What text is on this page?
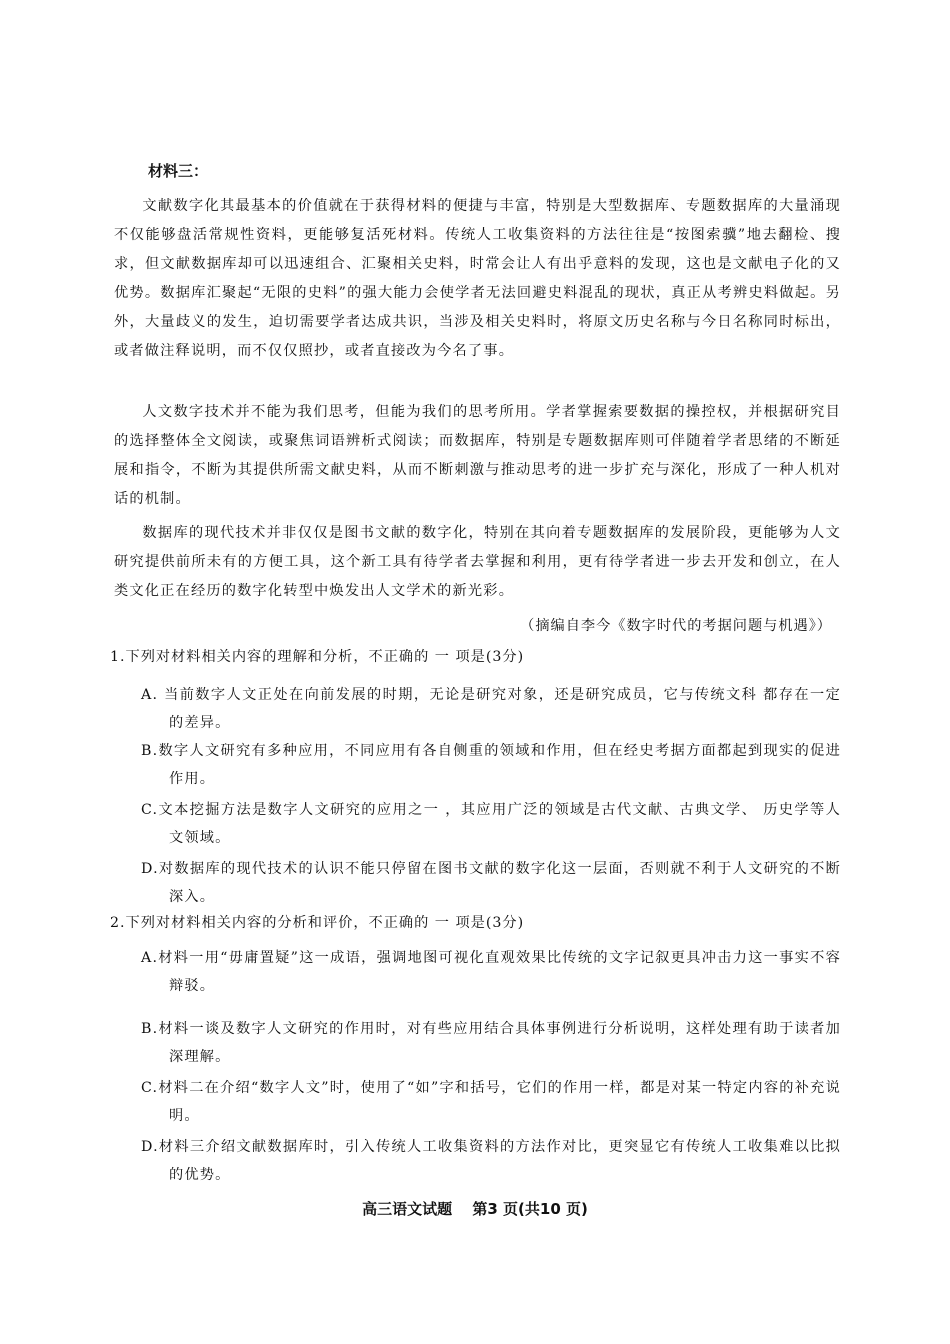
材料三：

文献数字化其最基本的价值就在于获得材料的便捷与丰富，特别是大型数据库、专题数据库的大量涌现不仅能够盘活常规性资料，更能够复活死材料。传统人工收集资料的方法往往是“按图索骥”地去翻检、搜求，但文献数据库却可以迅速组合、汇聚相关史料，时常会让人有出乎意料的发现，这也是文献电子化的又　优势。数据库汇聚起“无限的史料”的强大能力会使学者无法回避史料混乱的现状，真正从考辨史料做起。另外，大量歧义的发生，迫切需要学者达成共识，当涉及相关史料时，将原文历史名称与今日名称同时标出，或者做注释说明，而不仅仅照抄，或者直接改为今名了事。

人文数字技术并不能为我们思考，但能为我们的思考所用。学者掌握索要数据的操控权，并根据研究目的选择整体全文阅读，或聚焦词语辨析式阅读；而数据库，特别是专题数据库则可伴随着学者思绪的不断延展和指令，不断为其提供所需文献史料，从而不断刺激与推动思考的进一步扩充与深化，形成了一种人机对话的机制。

数据库的现代技术并非仅仅是图书文献的数字化，特别在其向着专题数据库的发展阶段，更能够为人文研究提供前所未有的方便工具，这个新工具有待学者去掌握和利用，更有待学者进一步去开发和创立，在人类文化正在经历的数字化转型中焕发出人文学术的新光彩。

（摘编自李今《数字时代的考据问题与机遇》）
1.下列对材料相关内容的理解和分析，不正确的 一 项是(3分)
A. 当前数字人文正处在向前发展的时期，无论是研究对象，还是研究成员，它与传统文科 都存在一定的差异。
B.数字人文研究有多种应用，不同应用有各自侧重的领域和作用，但在经史考据方面都起到现实的促进作用。
C.文本挖掘方法是数字人文研究的应用之一 ，其应用广泛的领域是古代文献、古典文学、 历史学等人文领域。
D.对数据库的现代技术的认识不能只停留在图书文献的数字化这一层面，否则就不利于人文研究的不断深入。
2.下列对材料相关内容的分析和评价，不正确的 一 项是(3分)
A.材料一用“毋庸置疑”这一成语，强调地图可视化直观效果比传统的文字记叙更具冲击力这一事实不容辩驳。
B.材料一谈及数字人文研究的作用时，对有些应用结合具体事例进行分析说明，这样处理有助于读者加深理解。
C.材料二在介绍“数字人文”时，使用了“如”字和括号，它们的作用一样，都是对某一特定内容的补充说明。
D.材料三介绍文献数据库时，引入传统人工收集资料的方法作对比，更突显它有传统人工收集难以比拟的优势。
高三语文试题　 第3 页(共10 页)
